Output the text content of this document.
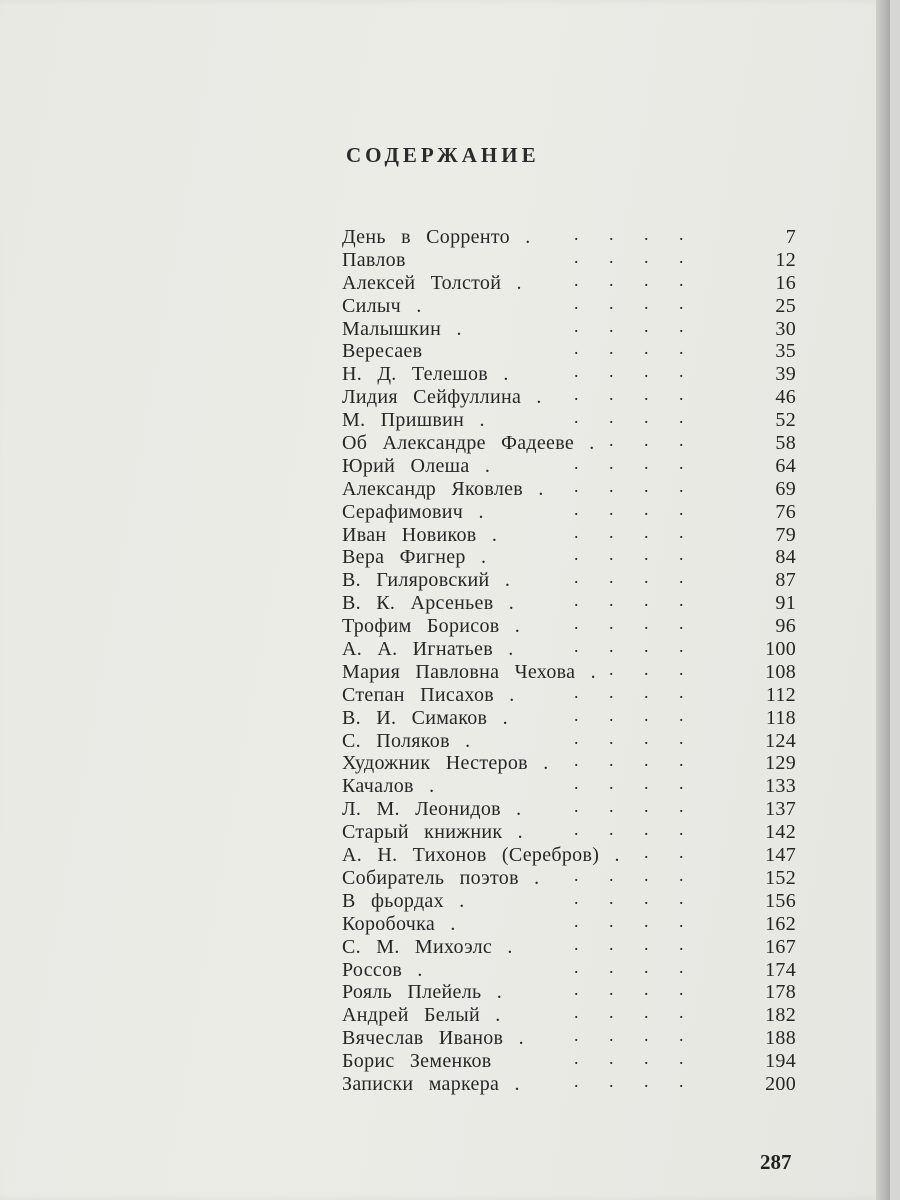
СОДЕРЖАНИЕ
. . . .
День в Сорренто .	7
. . . .
Павлов	12
. . . .
Алексей Толстой .	16
. . . .
Силыч .	25
. . . .
Малышкин .	30
. . . .
Вересаев	35
. . . .
Н. Д. Телешов .	39
. . . .
Лидия Сейфуллина .	46
. . . .
М. Пришвин .	52
. . .
Об Александре Фадееве .	58
. . . .
Юрий Олеша .	64
. . . .
Александр Яковлев .	69
. . . .
Серафимович .	76
. . . .
Иван Новиков .	79
. . . .
Вера Фигнер .	84
. . . .
В. Гиляровский .	87
. . . .
В. К. Арсеньев .	91
. . . .
Трофим Борисов .	96
. . . .
А. А. Игнатьев .	100
. . .
Мария Павловна Чехова .	108
. . . .
Степан Писахов .	112
. . . .
В. И. Симаков .	118
. . . .
С. Поляков .	124
. . . .
Художник Нестеров .	129
. . . .
Качалов .	133
. . . .
Л. М. Леонидов .	137
. . . .
Старый книжник .	142
. .
А. Н. Тихонов (Серебров) .	147
. . . .
Собиратель поэтов .	152
. . . .
В фьордах .	156
. . . .
Коробочка .	162
. . . .
С. М. Михоэлс .	167
. . . .
Россов .	174
. . . .
Рояль Плейель .	178
. . . .
Андрей Белый .	182
. . . .
Вячеслав Иванов .	188
. . . .
Борис Земенков	194
. . . .
Записки маркера .	200
287
